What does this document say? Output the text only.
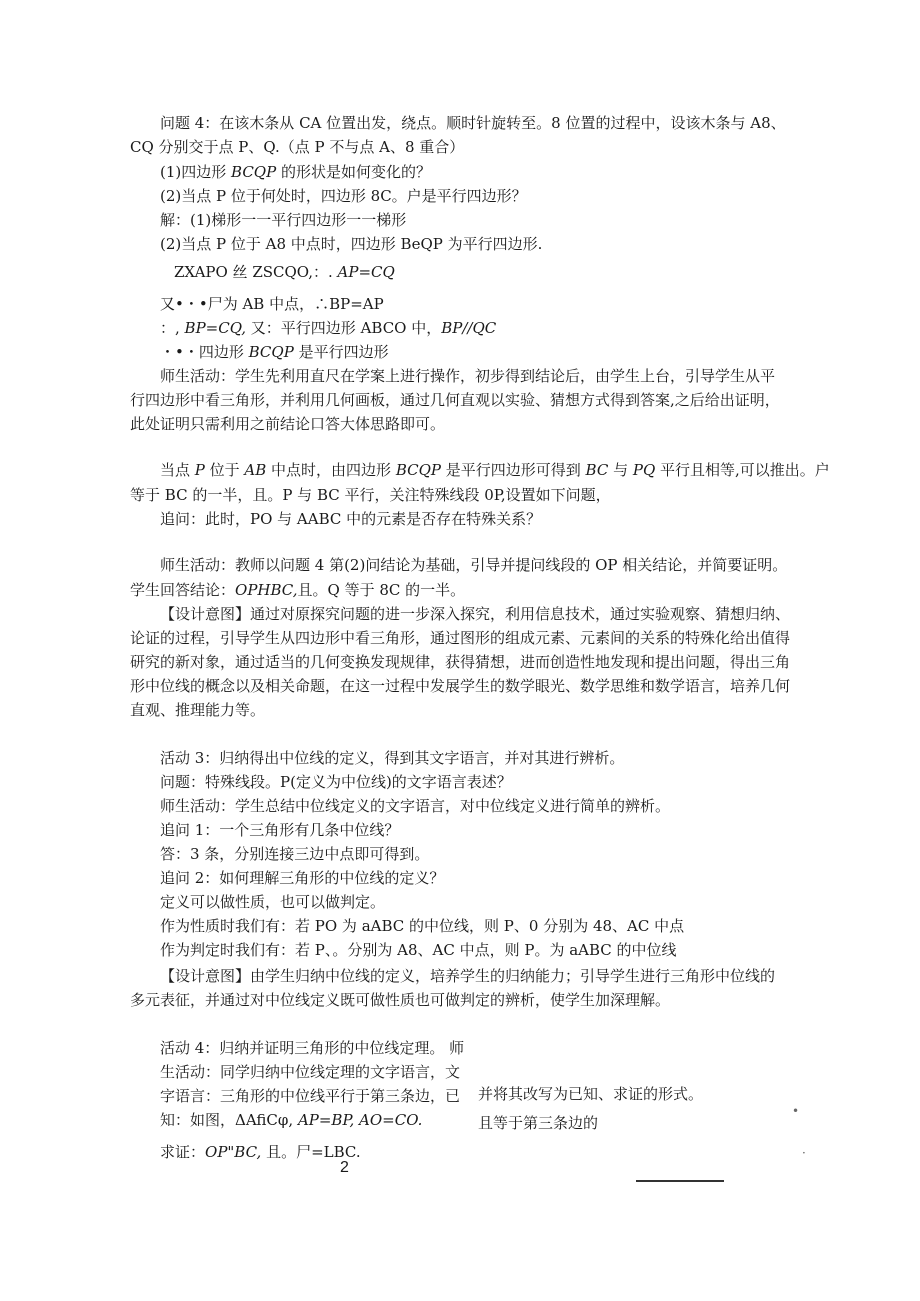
问题 4：在该木条从 CA 位置出发，绕点。顺时针旋转至。8 位置的过程中，设该木条与 A8、
CQ 分别交于点 P、Q.（点 P 不与点 A、8 重合）
(1)四边形 BCQP 的形状是如何变化的？
(2)当点 P 位于何处时，四边形 8C。户是平行四边形？
解：(1)梯形一一平行四边形一一梯形
(2)当点 P 位于 A8 中点时，四边形 BeQP 为平行四边形.
ZXAPO 丝 ZSCQO,：. AP=CQ
又•・•尸为 AB 中点，∴BP=AP
：, BP=CQ, 又：平行四边形 ABCO 中，BP//QC
・•・四边形 BCQP 是平行四边形
师生活动：学生先利用直尺在学案上进行操作，初步得到结论后，由学生上台，引导学生从平
行四边形中看三角形，并利用几何画板，通过几何直观以实验、猜想方式得到答案,之后给出证明，
此处证明只需利用之前结论口答大体思路即可。
当点 P 位于 AB 中点时，由四边形 BCQP 是平行四边形可得到 BC 与 PQ 平行且相等,可以推出。户
等于 BC 的一半，且。P 与 BC 平行，关注特殊线段 0P,设置如下问题，
追问：此时，PO 与 AABC 中的元素是否存在特殊关系？
师生活动：教师以问题 4 第(2)问结论为基础，引导并提问线段的 OP 相关结论，并简要证明。
学生回答结论：OPHBC,且。Q 等于 8C 的一半。
【设计意图】通过对原探究问题的进一步深入探究，利用信息技术，通过实验观察、猜想归纳、
论证的过程，引导学生从四边形中看三角形，通过图形的组成元素、元素间的关系的特殊化给出值得
研究的新对象，通过适当的几何变换发现规律，获得猜想，进而创造性地发现和提出问题，得出三角
形中位线的概念以及相关命题，在这一过程中发展学生的数学眼光、数学思维和数学语言，培养几何
直观、推理能力等。
活动 3：归纳得出中位线的定义，得到其文字语言，并对其进行辨析。
问题：特殊线段。P(定义为中位线)的文字语言表述？
师生活动：学生总结中位线定义的文字语言，对中位线定义进行简单的辨析。
追问 1：一个三角形有几条中位线？
答：3 条，分别连接三边中点即可得到。
追问 2：如何理解三角形的中位线的定义？
定义可以做性质，也可以做判定。
作为性质时我们有：若 PO 为 aABC 的中位线，则 P、0 分别为 48、AC 中点
作为判定时我们有：若 P、。分别为 A8、AC 中点，则 P。为 aABC 的中位线
【设计意图】由学生归纳中位线的定义，培养学生的归纳能力；引导学生进行三角形中位线的
多元表征，并通过对中位线定义既可做性质也可做判定的辨析，使学生加深理解。
活动 4：归纳并证明三角形的中位线定理。 师
生活动：同学归纳中位线定理的文字语言，文
字语言：三角形的中位线平行于第三条边，已 并将其改写为已知、求证的形式。
知：如图，ΔAfiCφ, AP=BP, AO=CO.	且等于第三条边的
求证：OP"BC, 且。尸=LBC.
•
·
2
